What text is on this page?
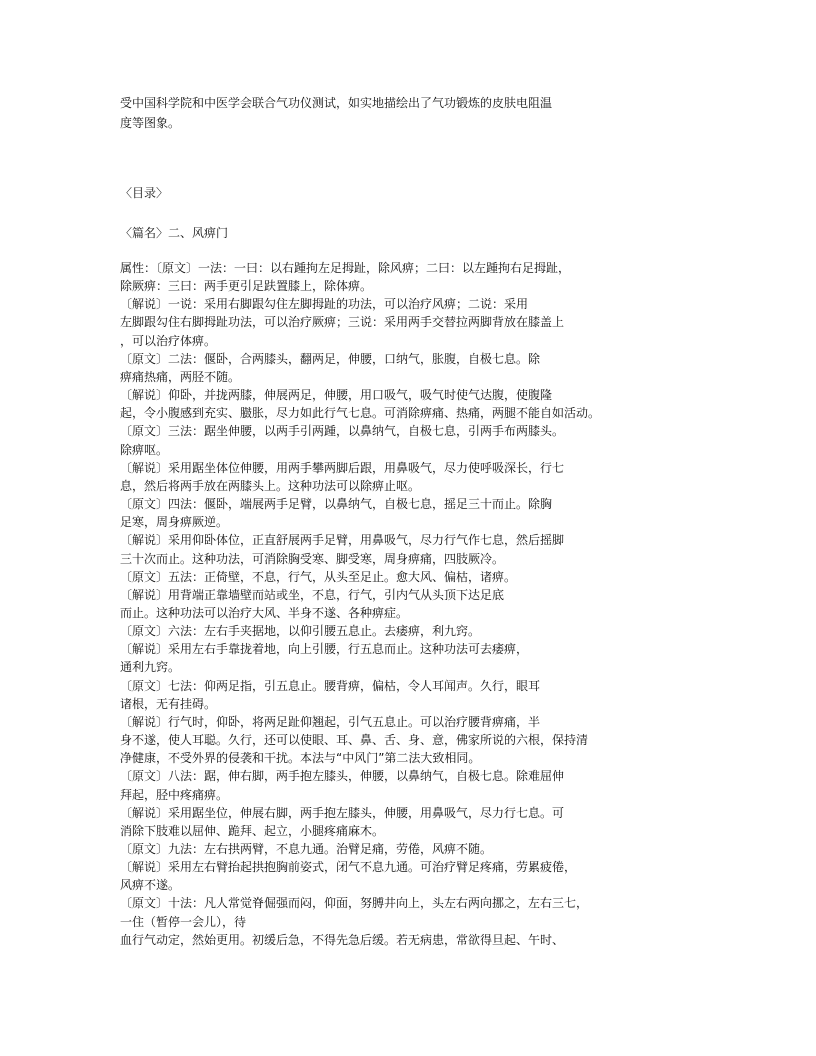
受中国科学院和中医学会联合气功仪测试，如实地描绘出了气功锻炼的皮肤电阻温
度等图象。
〈目录〉
〈篇名〉二、风痹门
属性：〔原文〕一法：一曰：以右踵拘左足拇趾，除风痹；二曰：以左踵拘右足拇趾，
除厥痹：三曰：两手更引足趺置膝上，除体痹。
〔解说〕一说：采用右脚跟勾住左脚拇趾的功法，可以治疗风痹；二说：采用
左脚跟勾住右脚拇趾功法，可以治疗厥痹；三说：采用两手交替拉两脚背放在膝盖上
，可以治疗体痹。
〔原文〕二法：偃卧，合两膝头，翻两足，伸腰，口纳气，胀腹，自极七息。除
痹痛热痛，两胫不随。
〔解说〕仰卧，并拢两膝，伸展两足，伸腰，用口吸气，吸气时使气达腹，使腹隆
起，令小腹感到充实、臌胀，尽力如此行气七息。可消除痹痛、热痛，两腿不能自如活动。
〔原文〕三法：踞坐伸腰，以两手引两踵，以鼻纳气，自极七息，引两手布两膝头。
除痹呕。
〔解说〕采用踞坐体位伸腰，用两手攀两脚后跟，用鼻吸气，尽力使呼吸深长，行七
息，然后将两手放在两膝头上。这种功法可以除痹止呕。
〔原文〕四法：偃卧，端展两手足臂，以鼻纳气，自极七息，摇足三十而止。除胸
足寒，周身痹厥逆。
〔解说〕采用仰卧体位，正直舒展两手足臂，用鼻吸气，尽力行气作七息，然后摇脚
三十次而止。这种功法，可消除胸受寒、脚受寒，周身痹痛，四肢厥冷。
〔原文〕五法：正倚壁，不息，行气，从头至足止。愈大风、偏枯，诸痹。
〔解说〕用背端正靠墙壁而站或坐，不息，行气，引内气从头顶下达足底
而止。这种功法可以治疗大风、半身不遂、各种痹症。
〔原文〕六法：左右手夹据地，以仰引腰五息止。去痿痹，利九窍。
〔解说〕采用左右手靠拢着地，向上引腰，行五息而止。这种功法可去痿痹，
通利九窍。
〔原文〕七法：仰两足指，引五息止。腰背痹，偏枯，令人耳闻声。久行，眼耳
诸根，无有挂碍。
〔解说〕行气时，仰卧，将两足趾仰翘起，引气五息止。可以治疗腰背痹痛，半
身不遂，使人耳聪。久行，还可以使眼、耳、鼻、舌、身、意，佛家所说的六根，保持清
净健康，不受外界的侵袭和干扰。本法与“中风门”第二法大致相同。
〔原文〕八法：踞，伸右脚，两手抱左膝头，伸腰，以鼻纳气，自极七息。除难屈伸
拜起，胫中疼痛痹。
〔解说〕采用踞坐位，伸展右脚，两手抱左膝头，伸腰，用鼻吸气，尽力行七息。可
消除下肢难以屈伸、跪拜、起立，小腿疼痛麻木。
〔原文〕九法：左右拱两臂，不息九通。治臂足痛，劳倦，风痹不随。
〔解说〕采用左右臂抬起拱抱胸前姿式，闭气不息九通。可治疗臂足疼痛，劳累疲倦，
风痹不遂。
〔原文〕十法：凡人常觉脊倔强而闷，仰面，努膊井向上，头左右两向挪之，左右三七，
一住（暂停一会儿），待
血行气动定，然始更用。初缓后急，不得先急后缓。若无病患，常欲得旦起、午时、
